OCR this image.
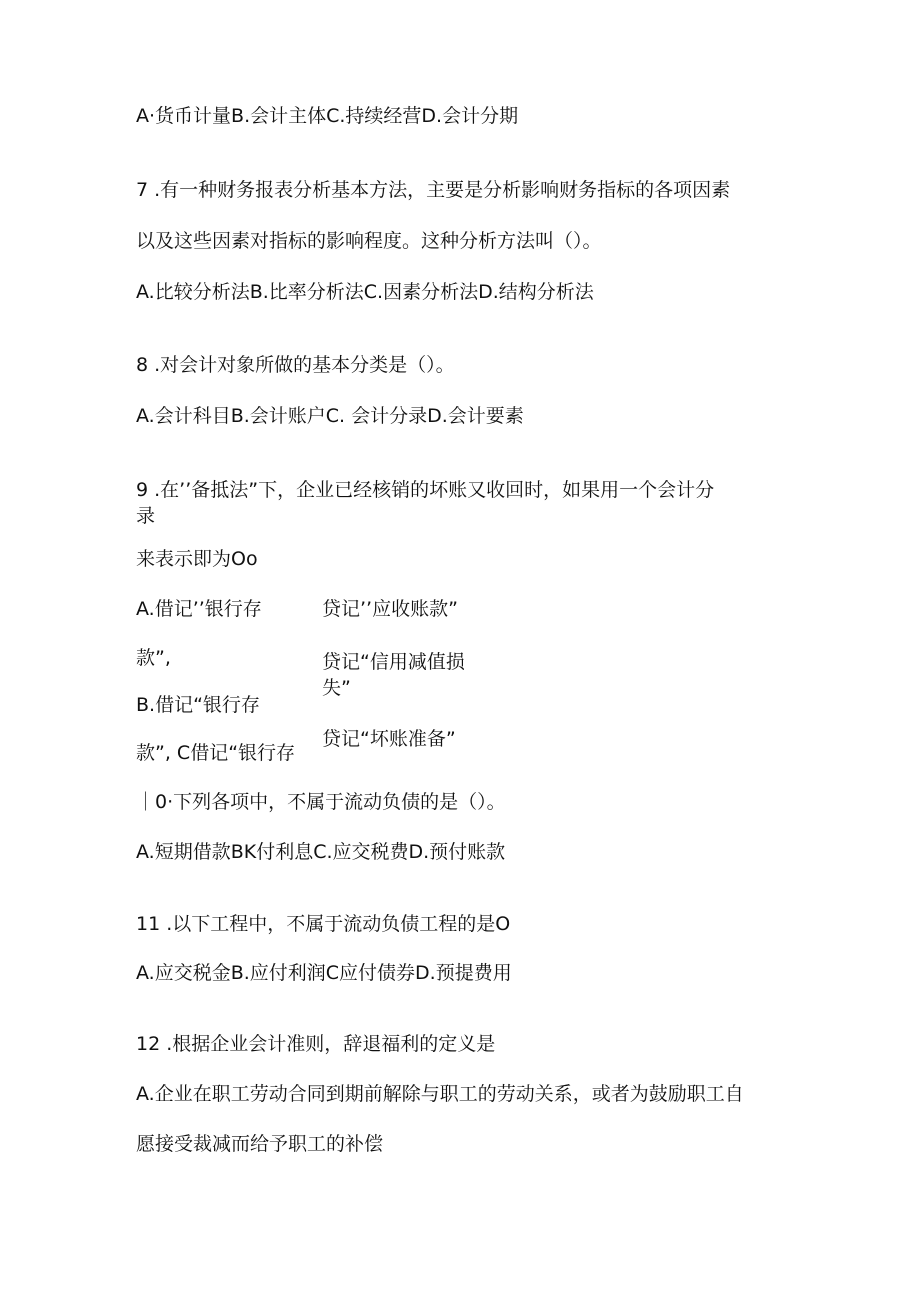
A·货币计量B.会计主体C.持续经营D.会计分期
7 .有一种财务报表分析基本方法，主要是分析影响财务指标的各项因素
以及这些因素对指标的影响程度。这种分析方法叫（）。
A.比较分析法B.比率分析法C.因素分析法D.结构分析法
8 .对会计对象所做的基本分类是（）。
A.会计科目B.会计账户C. 会计分录D.会计要素
9 .在’’备抵法”下，企业已经核销的坏账又收回时，如果用一个会计分
录
来表示即为Oo
A.借记’’银行存	贷记’’应收账款”
款”,	贷记“信用减值损
失”
B.借记“银行存
贷记“坏账准备”
款”, C借记“银行存
｜0·下列各项中，不属于流动负债的是（）。
A.短期借款BK付利息C.应交税费D.预付账款
11 .以下工程中，不属于流动负债工程的是O
A.应交税金B.应付利润C应付债券D.预提费用
12 .根据企业会计准则，辞退福利的定义是
A.企业在职工劳动合同到期前解除与职工的劳动关系，或者为鼓励职工自
愿接受裁减而给予职工的补偿
